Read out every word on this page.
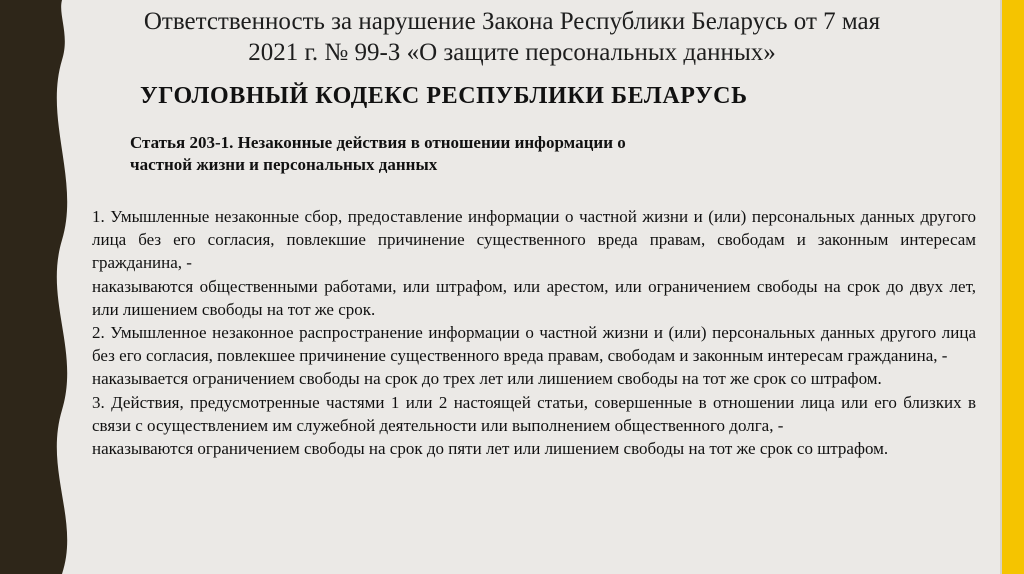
Ответственность за нарушение Закона Республики Беларусь от 7 мая
2021 г. № 99-З «О защите персональных данных»
УГОЛОВНЫЙ КОДЕКС РЕСПУБЛИКИ БЕЛАРУСЬ
Статья 203-1. Незаконные действия в отношении информации о
частной жизни и персональных данных

1. Умышленные незаконные сбор, предоставление информации о частной жизни и (или) персональных данных другого лица без его согласия, повлекшие причинение существенного вреда правам, свободам и законным интересам гражданина, -

наказываются общественными работами, или штрафом, или арестом, или ограничением свободы на срок до двух лет, или лишением свободы на тот же срок.

2. Умышленное незаконное распространение информации о частной жизни и (или) персональных данных другого лица без его согласия, повлекшее причинение существенного вреда правам, свободам и законным интересам гражданина, -

наказывается ограничением свободы на срок до трех лет или лишением свободы на тот же срок со штрафом.

3. Действия, предусмотренные частями 1 или 2 настоящей статьи, совершенные в отношении лица или его близких в связи с осуществлением им служебной деятельности или выполнением общественного долга, -

наказываются ограничением свободы на срок до пяти лет или лишением свободы на тот же срок со штрафом.
